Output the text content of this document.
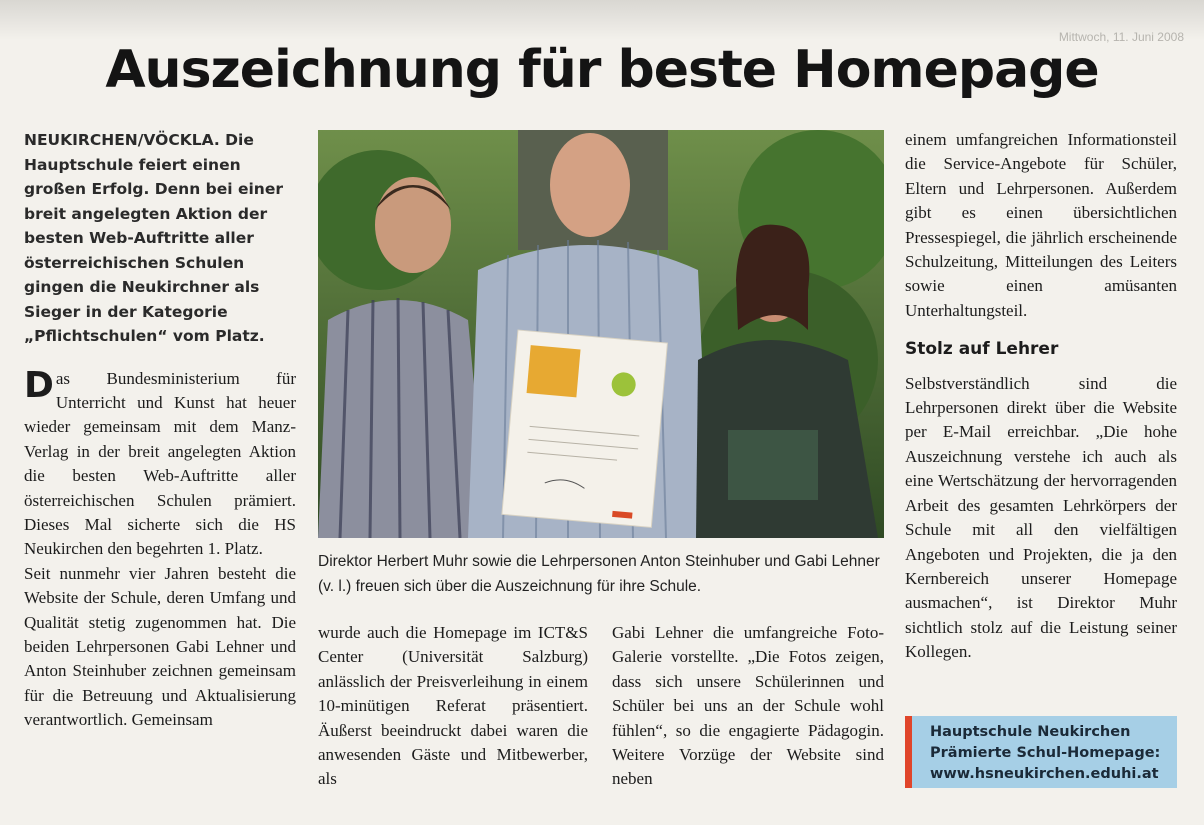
Mittwoch, 11. Juni 2008
Auszeichnung für beste Homepage

NEUKIRCHEN/VÖCKLA. Die Hauptschule feiert einen großen Erfolg. Denn bei einer breit angelegten Aktion der besten Web-Auftritte aller österreichischen Schulen gingen die Neukirchner als Sieger in der Kategorie „Pflichtschulen“ vom Platz.

Das Bundesministerium für Unterricht und Kunst hat heuer wieder gemeinsam mit dem Manz-Verlag in der breit angelegten Aktion die besten Web-Auftritte aller österreichischen Schulen prämiert. Dieses Mal sicherte sich die HS Neukirchen den begehrten 1. Platz.

Seit nunmehr vier Jahren besteht die Website der Schule, deren Umfang und Qualität stetig zugenommen hat. Die beiden Lehrpersonen Gabi Lehner und Anton Steinhuber zeichnen gemeinsam für die Betreuung und Aktualisierung verantwortlich. Gemeinsam

Direktor Herbert Muhr sowie die Lehrpersonen Anton Steinhuber und Gabi Lehner (v. l.) freuen sich über die Auszeichnung für ihre Schule.

wurde auch die Homepage im ICT&S Center (Universität Salzburg) anlässlich der Preisverleihung in einem 10-minütigen Referat präsentiert. Äußerst beeindruckt dabei waren die anwesenden Gäste und Mitbewerber, als

Gabi Lehner die umfangreiche Foto-Galerie vorstellte. „Die Fotos zeigen, dass sich unsere Schülerinnen und Schüler bei uns an der Schule wohl fühlen“, so die engagierte Pädagogin. Weitere Vorzüge der Website sind neben

einem umfangreichen Informationsteil die Service-Angebote für Schüler, Eltern und Lehrpersonen. Außerdem gibt es einen übersichtlichen Pressespiegel, die jährlich erscheinende Schulzeitung, Mitteilungen des Leiters sowie einen amüsanten Unterhaltungsteil.

Stolz auf Lehrer

Selbstverständlich sind die Lehrpersonen direkt über die Website per E-Mail erreichbar. „Die hohe Auszeichnung verstehe ich auch als eine Wertschätzung der hervorragenden Arbeit des gesamten Lehrkörpers der Schule mit all den vielfältigen Angeboten und Projekten, die ja den Kernbereich unserer Homepage ausmachen“, ist Direktor Muhr sichtlich stolz auf die Leistung seiner Kollegen.

Hauptschule Neukirchen
Prämierte Schul-Homepage:
www.hsneukirchen.eduhi.at
